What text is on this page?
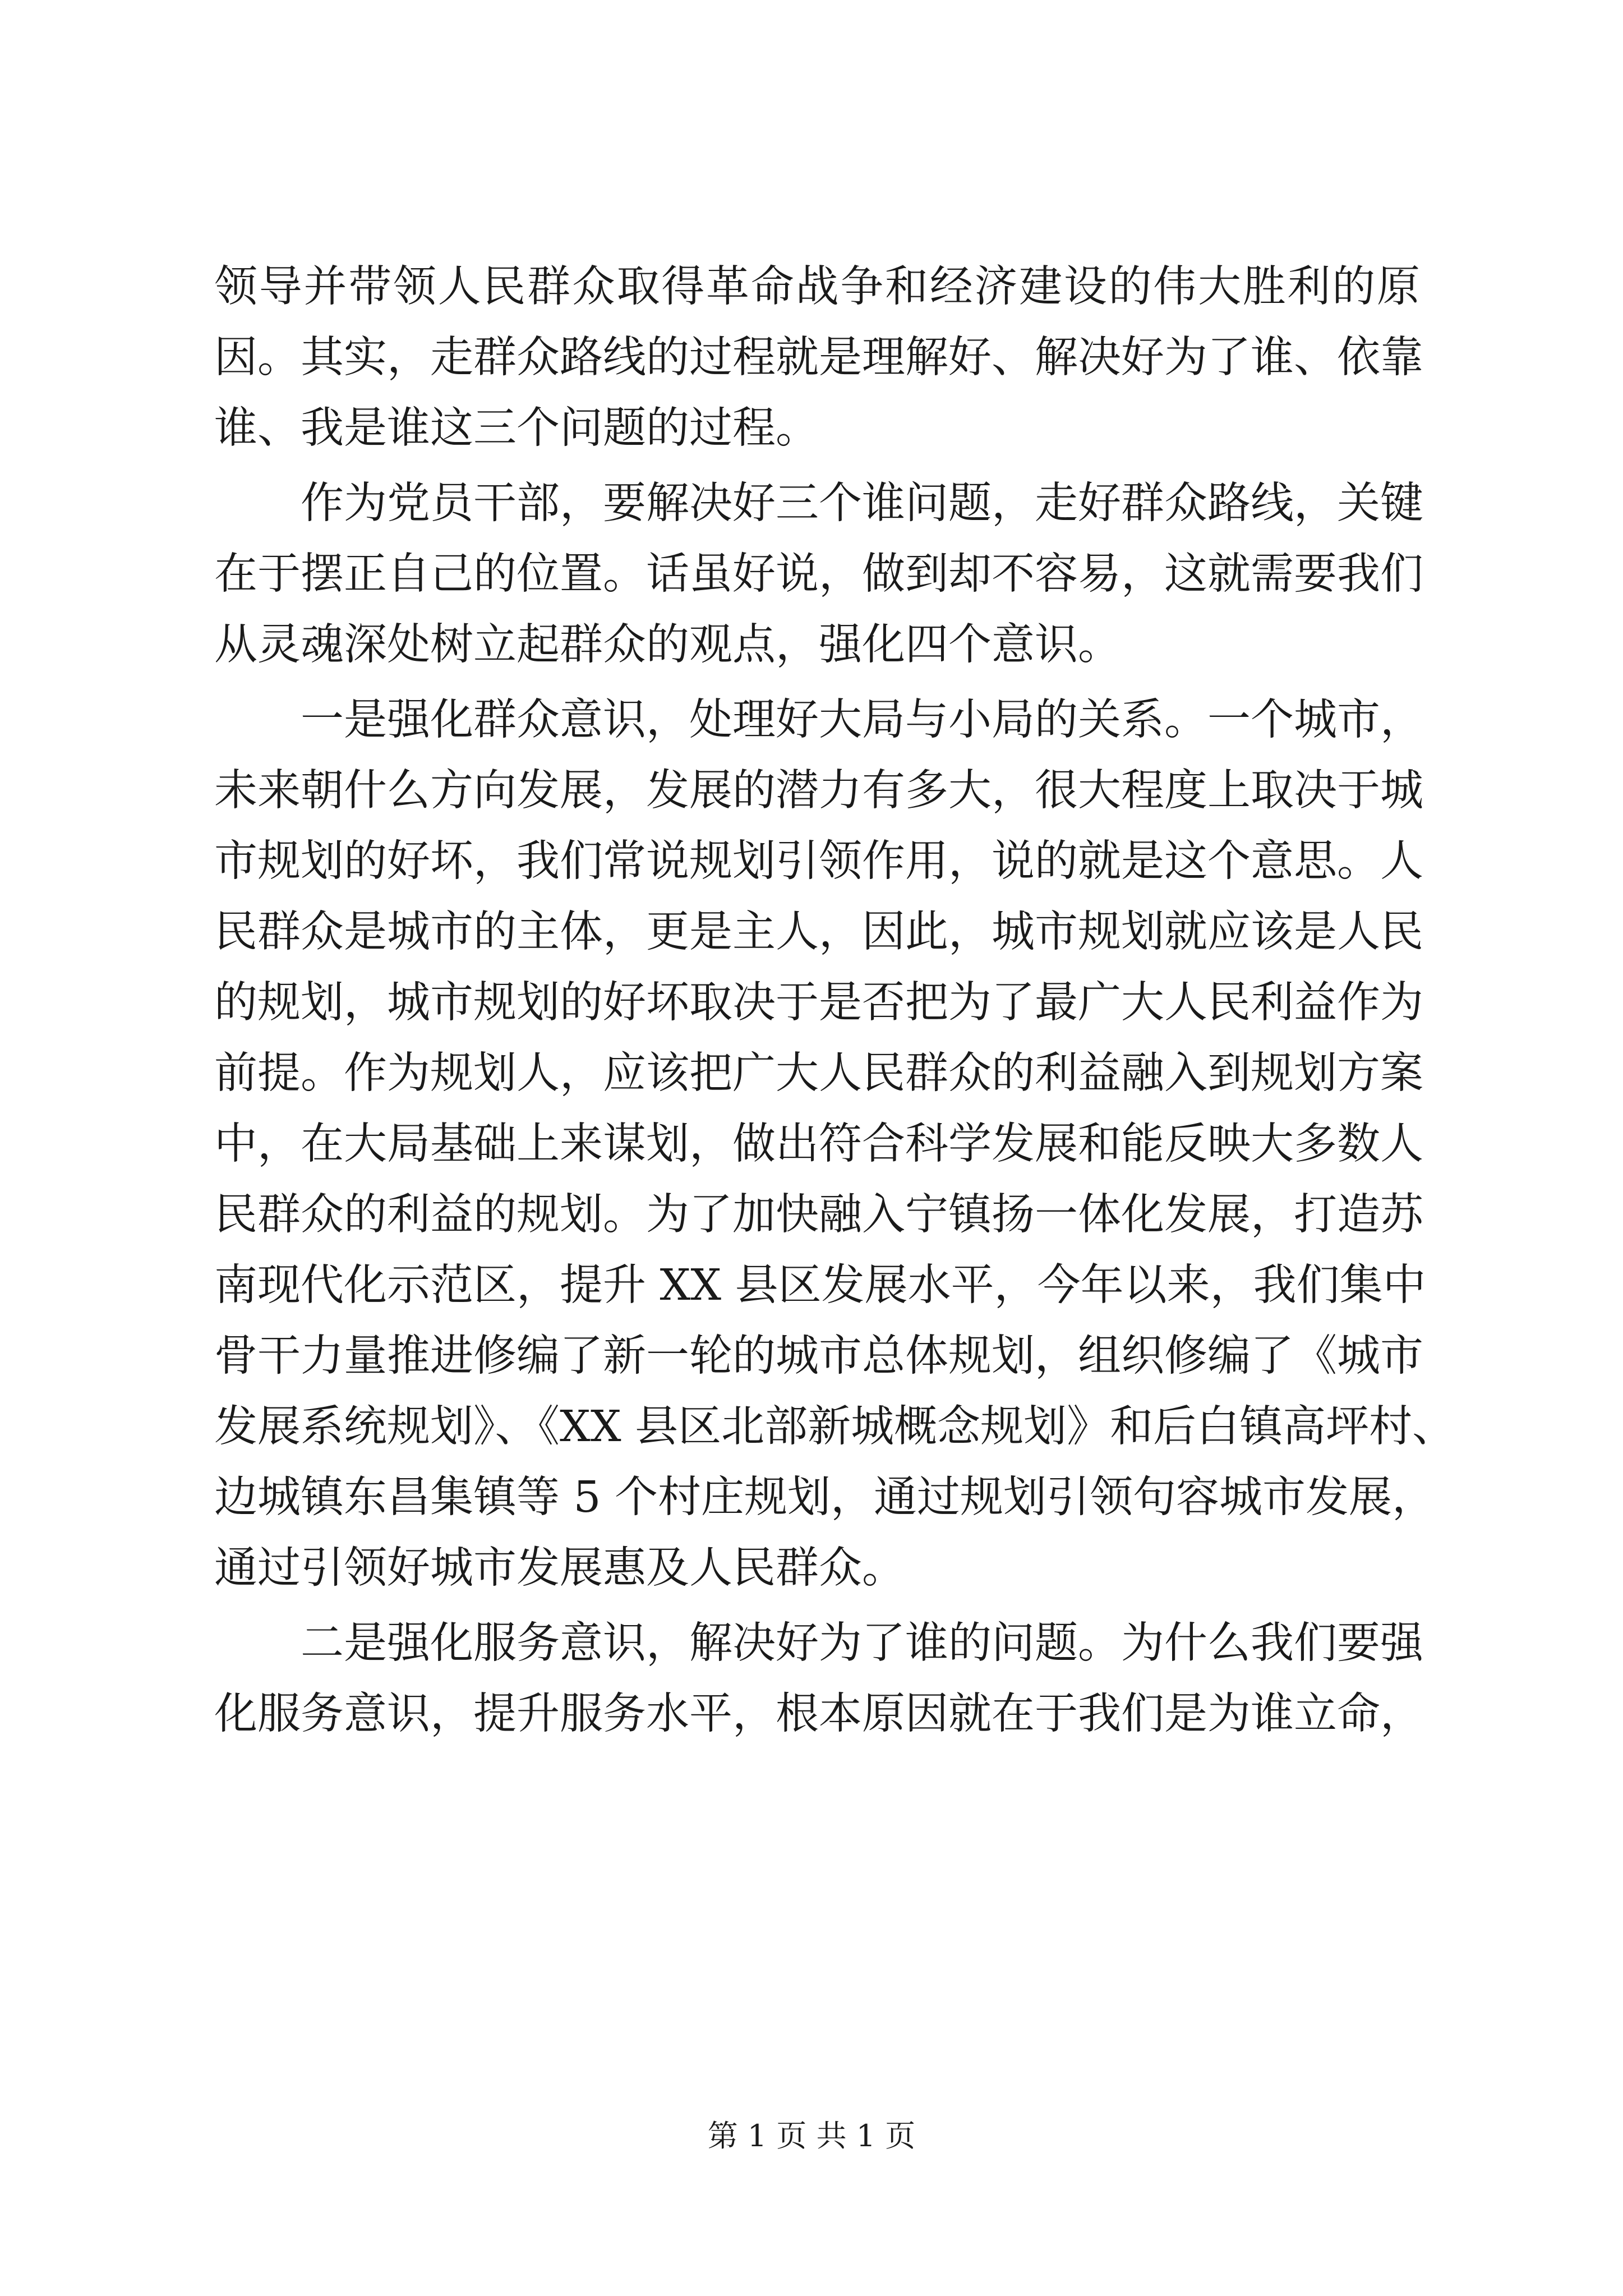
领导并带领人民群众取得革命战争和经济建设的伟大胜利的原
因。其实，走群众路线的过程就是理解好、解决好为了谁、依靠
谁、我是谁这三个问题的过程。
作为党员干部，要解决好三个谁问题，走好群众路线，关键
在于摆正自己的位置。话虽好说，做到却不容易，这就需要我们
从灵魂深处树立起群众的观点，强化四个意识。
一是强化群众意识，处理好大局与小局的关系。一个城市，
未来朝什么方向发展，发展的潜力有多大，很大程度上取决于城
市规划的好坏，我们常说规划引领作用，说的就是这个意思。人
民群众是城市的主体，更是主人，因此，城市规划就应该是人民
的规划，城市规划的好坏取决于是否把为了最广大人民利益作为
前提。作为规划人，应该把广大人民群众的利益融入到规划方案
中，在大局基础上来谋划，做出符合科学发展和能反映大多数人
民群众的利益的规划。为了加快融入宁镇扬一体化发展，打造苏
南现代化示范区，提升 XX 县区发展水平，今年以来，我们集中
骨干力量推进修编了新一轮的城市总体规划，组织修编了《城市
发展系统规划》、《XX 县区北部新城概念规划》和后白镇高坪村、
边城镇东昌集镇等 5 个村庄规划，通过规划引领句容城市发展，
通过引领好城市发展惠及人民群众。
二是强化服务意识，解决好为了谁的问题。为什么我们要强
化服务意识，提升服务水平，根本原因就在于我们是为谁立命，
第 1 页 共 1 页
